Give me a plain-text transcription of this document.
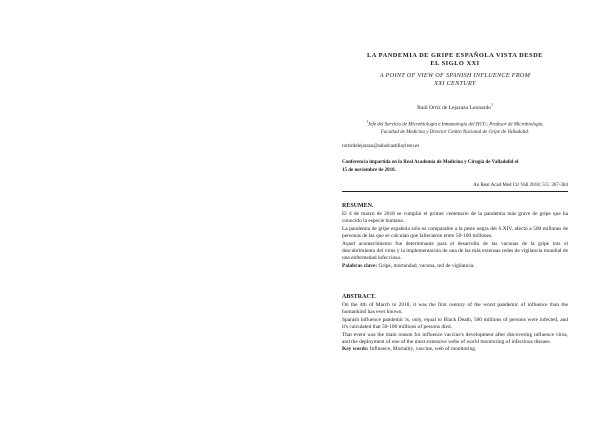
LA PANDEMIA DE GRIPE ESPAÑOLA VISTA DESDE
EL SIGLO XXI
A POINT OF VIEW OF SPANISH INFLUENCE FROM
XXI CENTURY
Raúl Ortiz de Lejarazu Leonardo$^1$
$^1$Jefe del Servicio de Microbiología e Inmunología del HCU; Profesor de Microbiología.
Facultad de Medicina y Director Centro Nacional de Gripe de Valladolid.
rortizdelejarazu@saludcastillayleon.es
Conferencia impartida en la Real Academia de Medicina y Cirugía de Valladolid el
15 de noviembre de 2018.
An Real Acad Med Cir Vall 2018; 5/5: 367-384
RESUMEN.

El 4 de marzo de 2018 se cumplió el primer centenario de la pandemia más grave de gripe que ha conocido la especie humana.

La pandemia de gripe española sólo es comparable a la peste negra del S.XIV, afectó a 500 millones de personas de las que se calculan que fallecieron entre 50-100 millones.

Aquel acontecimiento fue determinante para el desarrollo de las vacunas de la gripe tras el descubrimiento del virus y la implementación de una de las más extensas redes de vigilancia mundial de una enfermedad infecciosa.

Palabras clave: Gripe, mortandad, vacuna, red de vigilancia.

ABSTRACT.

On the 4th of March in 2018, it was the first century of the worst pandemic of influence than the humankind has ever known.

Spanish influence pandemic is, only, equal to Black Death, 500 millions of persons were infected, and it's calculated that 50-100 millions of persons died.

That event was the main reason for influence vaccine's development after discovering influence virus, and the deployment of one of the most extensive webs of world monitoring of infectious disease.

Key words: Influence, Mortality, vaccine, web of monitoring.
